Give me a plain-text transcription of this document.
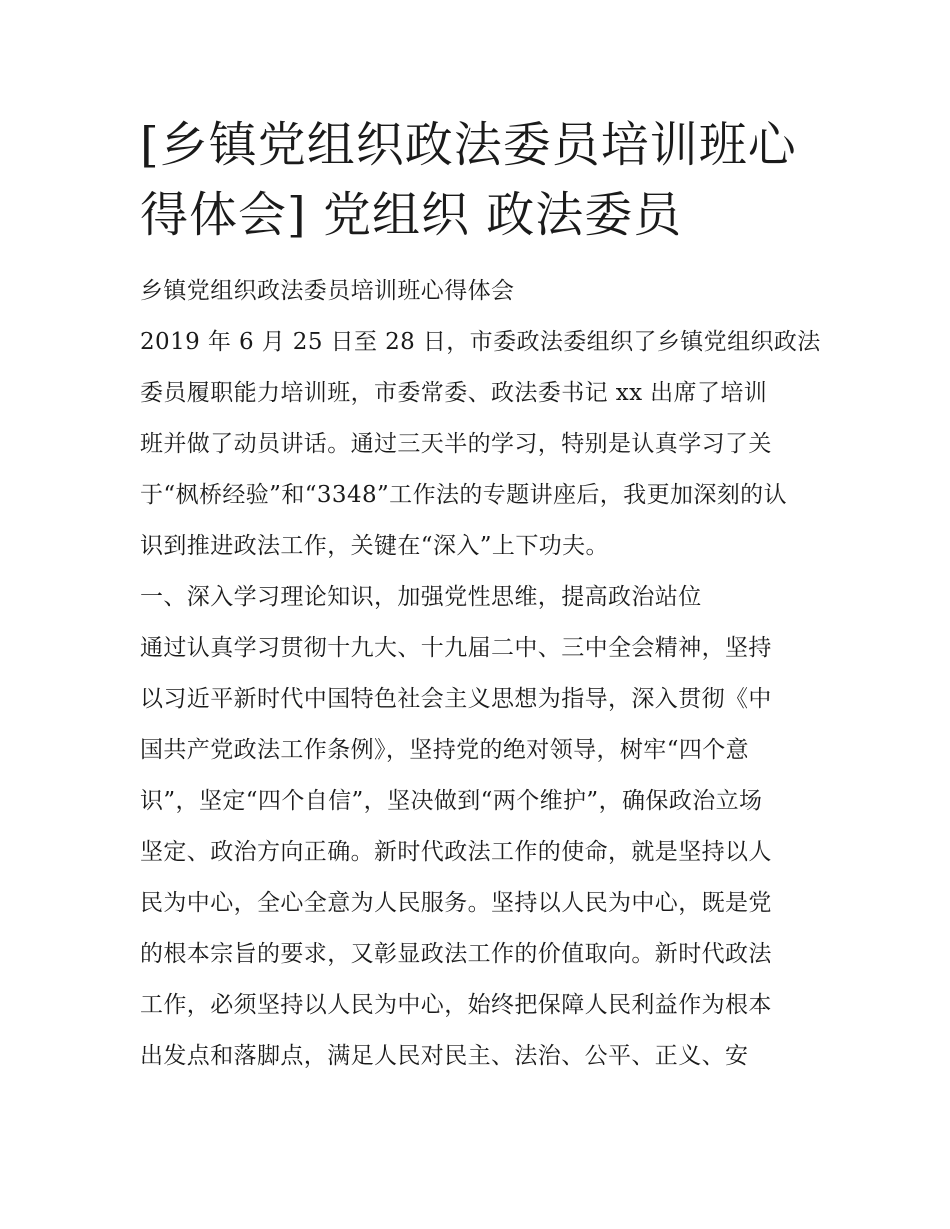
[乡镇党组织政法委员培训班心
得体会] 党组织 政法委员
乡镇党组织政法委员培训班心得体会
2019 年 6 月 25 日至 28 日，市委政法委组织了乡镇党组织政法
委员履职能力培训班，市委常委、政法委书记 xx 出席了培训
班并做了动员讲话。通过三天半的学习，特别是认真学习了关
于“枫桥经验”和“3348”工作法的专题讲座后，我更加深刻的认
识到推进政法工作，关键在“深入”上下功夫。
一、深入学习理论知识，加强党性思维，提高政治站位
通过认真学习贯彻十九大、十九届二中、三中全会精神，坚持
以习近平新时代中国特色社会主义思想为指导，深入贯彻《中
国共产党政法工作条例》，坚持党的绝对领导，树牢“四个意
识”，坚定“四个自信”，坚决做到“两个维护”，确保政治立场
坚定、政治方向正确。新时代政法工作的使命，就是坚持以人
民为中心，全心全意为人民服务。坚持以人民为中心，既是党
的根本宗旨的要求，又彰显政法工作的价值取向。新时代政法
工作，必须坚持以人民为中心，始终把保障人民利益作为根本
出发点和落脚点，满足人民对民主、法治、公平、正义、安
